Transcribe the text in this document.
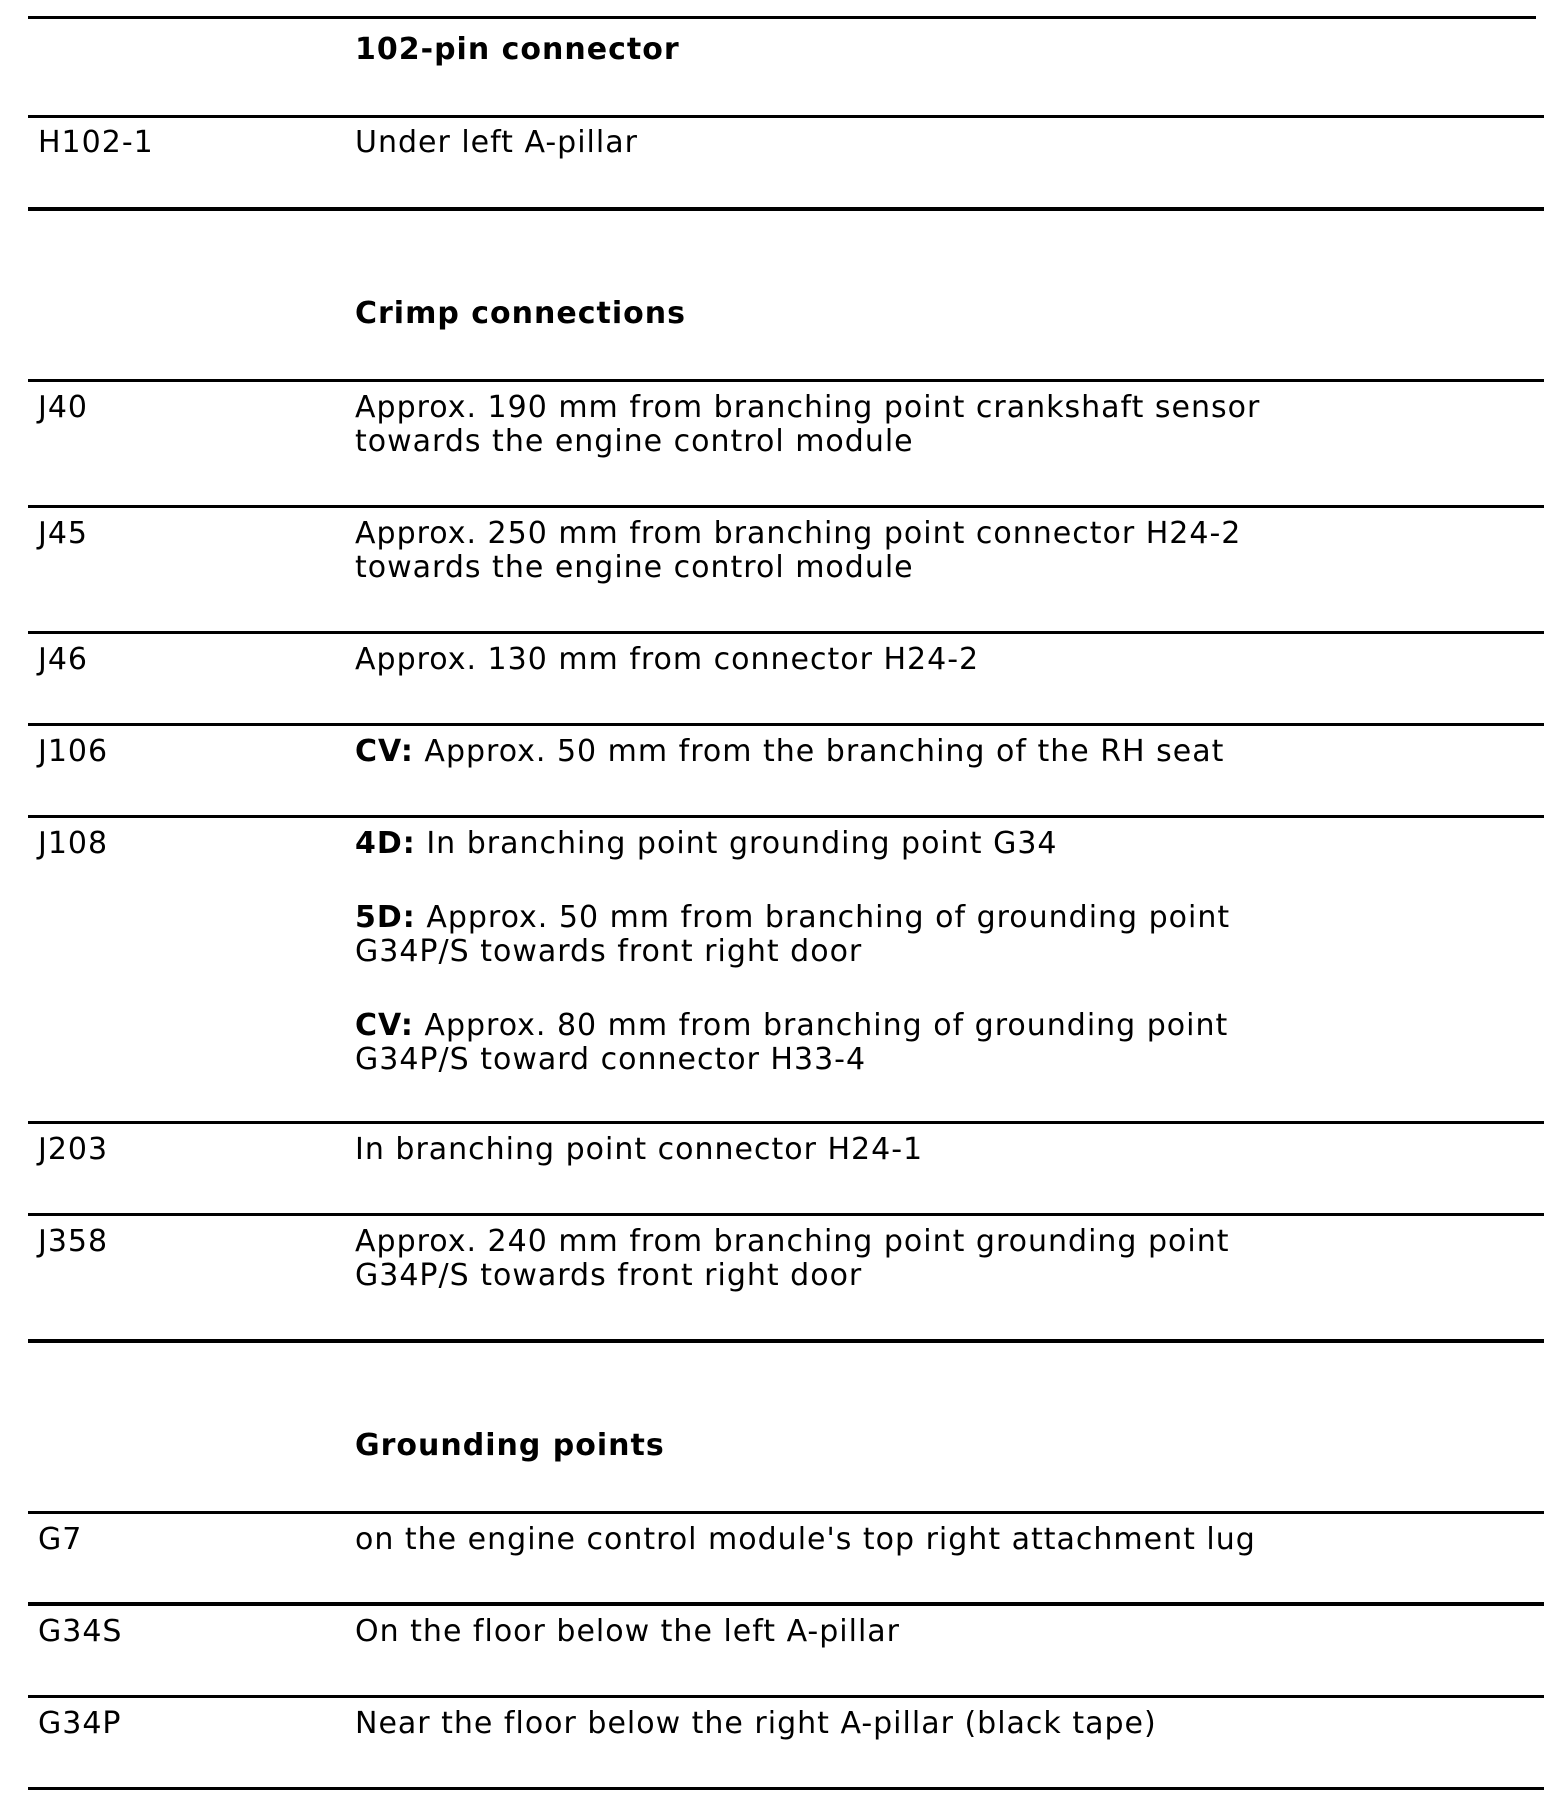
102-pin connector
H102-1	Under left A-pillar
Crimp connections
J40	Approx. 190 mm from branching point crankshaft sensor
towards the engine control module
J45	Approx. 250 mm from branching point connector H24-2
towards the engine control module
J46	Approx. 130 mm from connector H24-2
J106	CV: Approx. 50 mm from the branching of the RH seat
J108	4D: In branching point grounding point G34
5D: Approx. 50 mm from branching of grounding point
G34P/S towards front right door
CV: Approx. 80 mm from branching of grounding point
G34P/S toward connector H33-4
J203	In branching point connector H24-1
J358	Approx. 240 mm from branching point grounding point
G34P/S towards front right door
Grounding points
G7	on the engine control module's top right attachment lug
G34S	On the floor below the left A-pillar
G34P	Near the floor below the right A-pillar (black tape)
